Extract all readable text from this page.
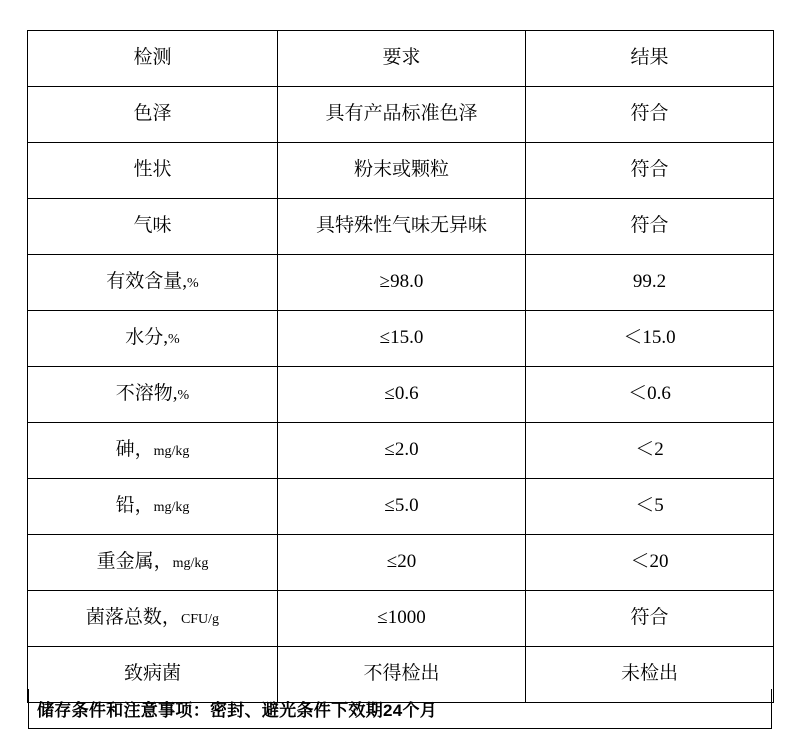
检测	要求	结果
色泽	具有产品标准色泽	符合
性状	粉末或颗粒	符合
气味	具特殊性气味无异味	符合
有效含量,%	≥98.0	99.2
水分,%	≤15.0	＜15.0
不溶物,%	≤0.6	＜0.6
砷，mg/kg	≤2.0	＜2
铅，mg/kg	≤5.0	＜5
重金属，mg/kg	≤20	＜20
菌落总数，CFU/g	≤1000	符合
致病菌	不得检出	未检出
储存条件和注意事项：密封、避光条件下效期24个月
